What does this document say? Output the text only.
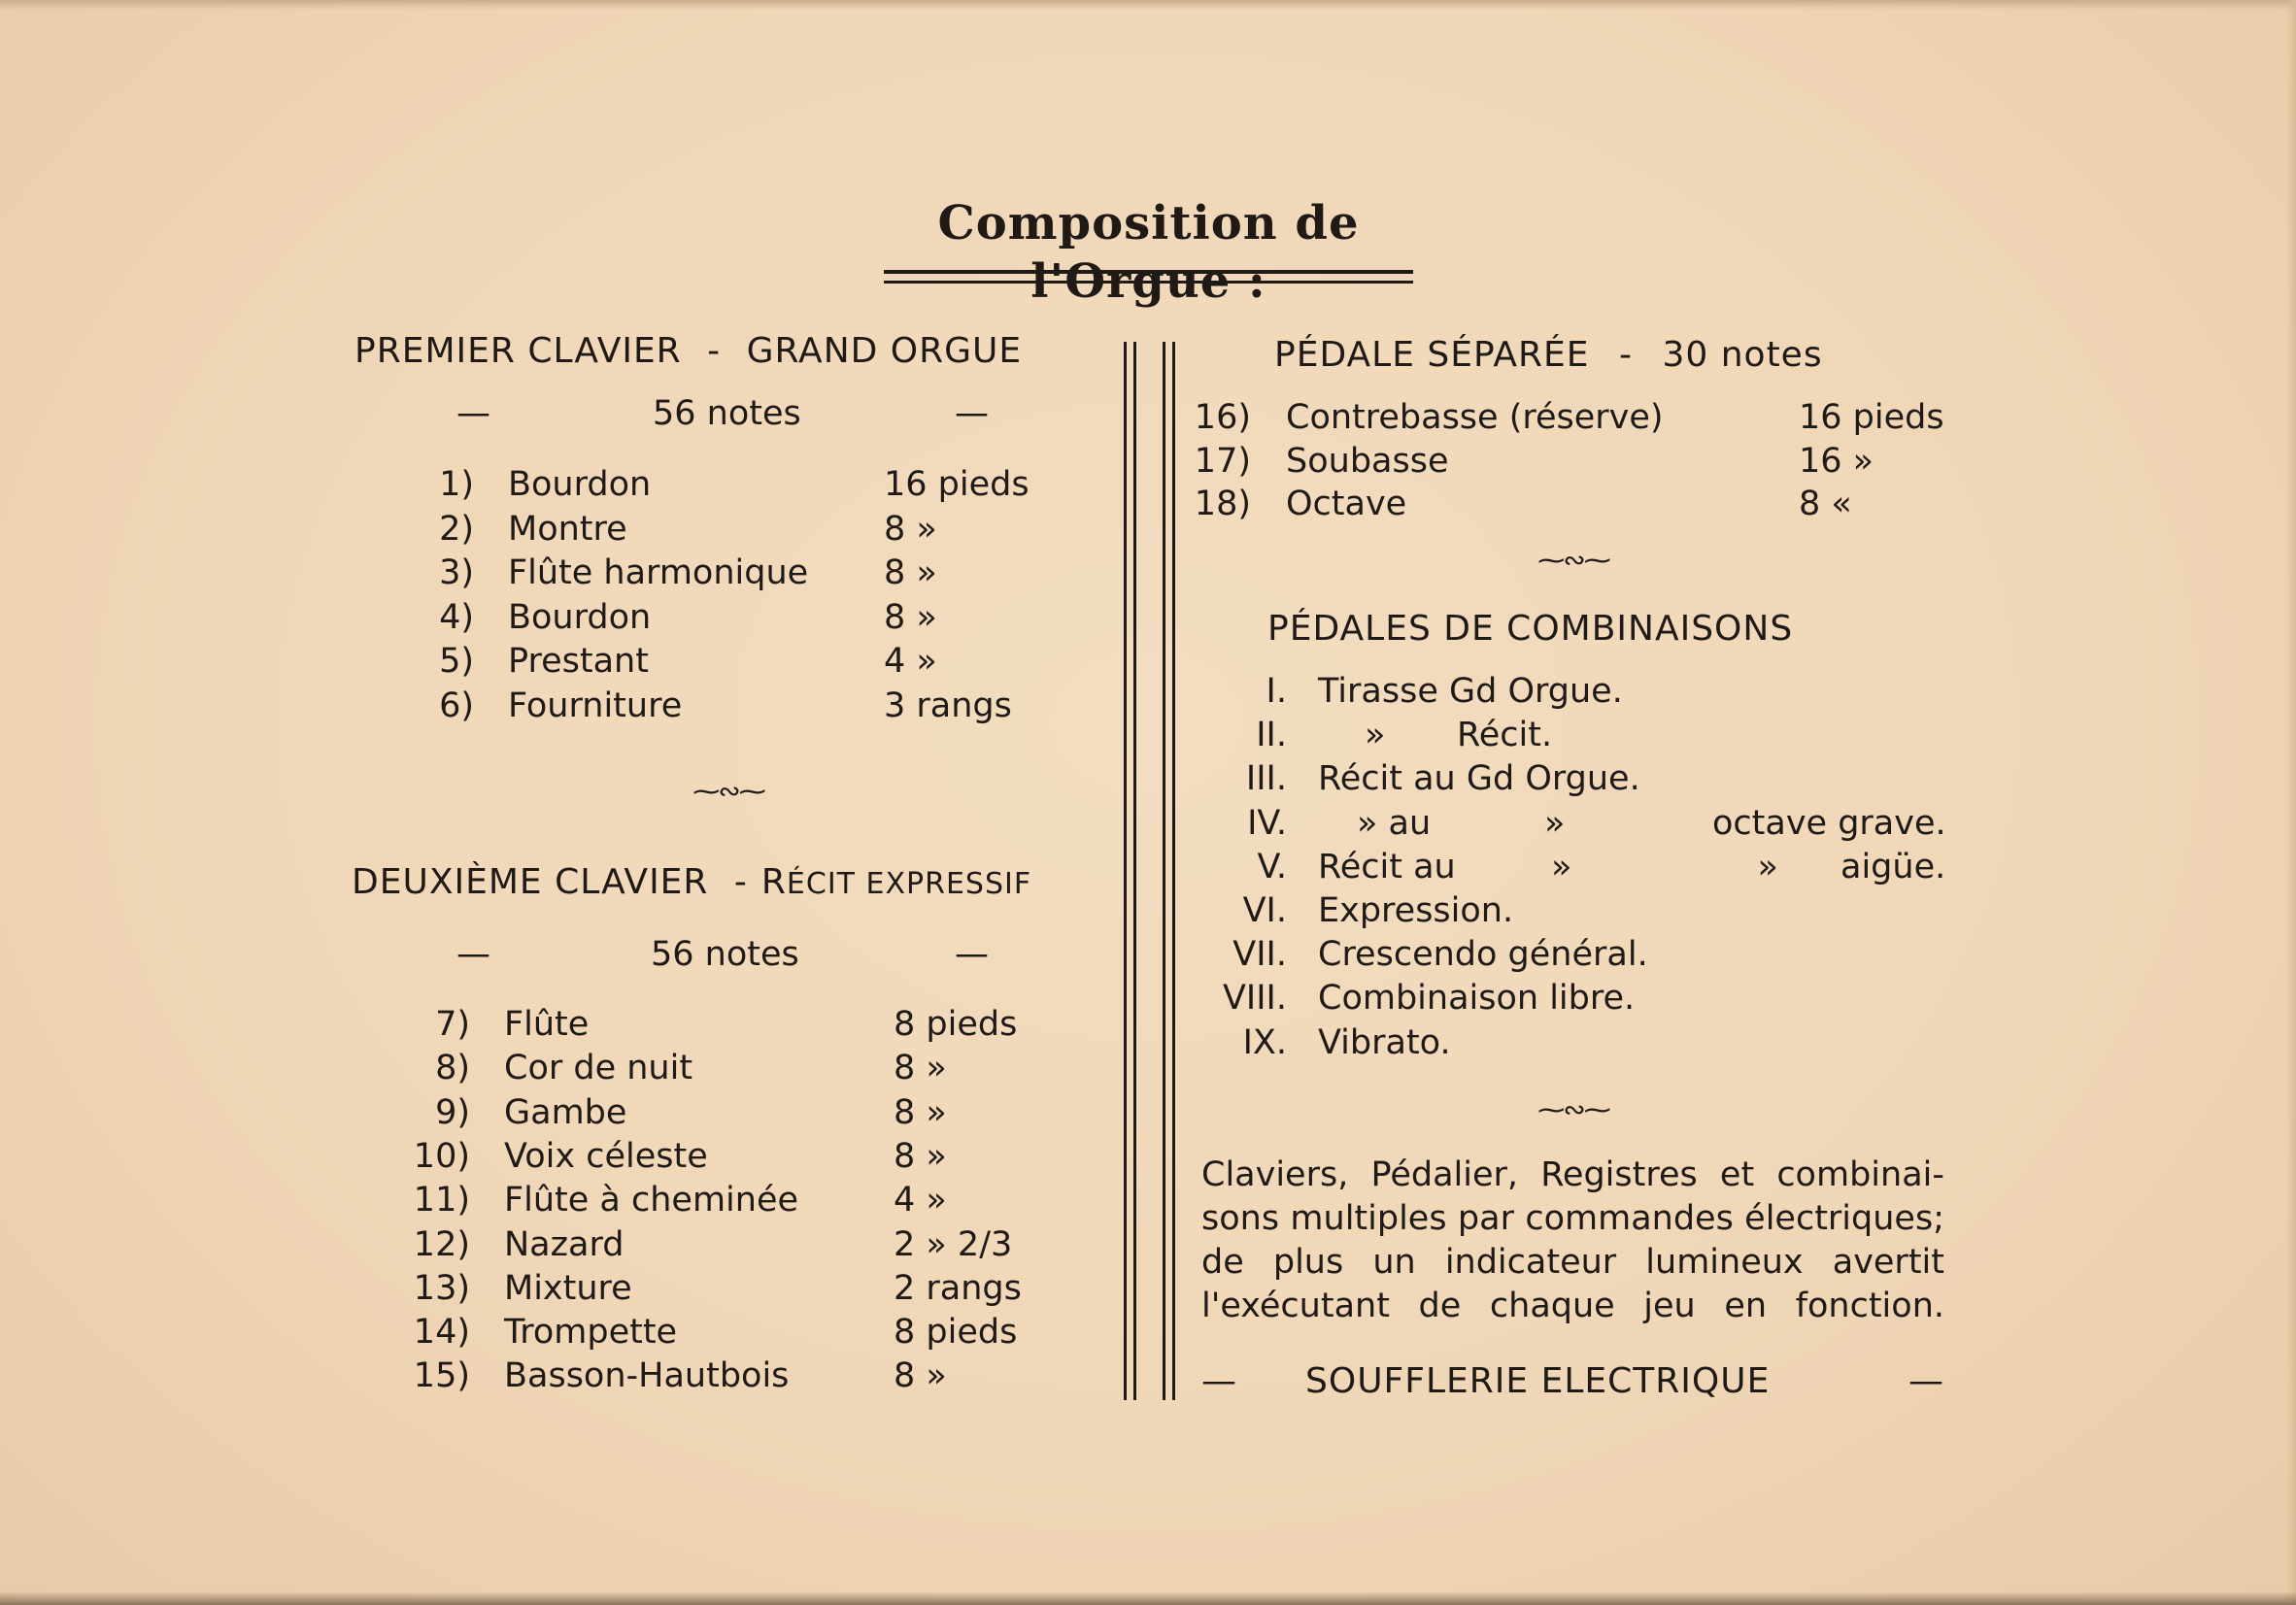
Composition de l'Orgue :
PREMIER CLAVIER - GRAND ORGUE
—	56 notes	—
1) Bourdon	16 pieds
2) Montre	8 »
3) Flûte harmonique 8 »
4) Bourdon	8 »
5) Prestant	4 »
6) Fourniture	3 rangs
⁓∾⁓
DEUXIÈME CLAVIER - RÉCIT EXPRESSIF
—	56 notes	—
7) Flûte	8 pieds
8) Cor de nuit	8 »
9) Gambe	8 »
10) Voix céleste	8 »
11) Flûte à cheminée	4 »
12) Nazard	2 » 2/3
13) Mixture	2 rangs
14) Trompette	8 pieds
15) Basson-Hautbois	8 »
PÉDALE SÉPARÉE - 30 notes
16) Contrebasse (réserve)	16 pieds
17) Soubasse	16 »
18) Octave	8 «
⁓∾⁓
PÉDALES DE COMBINAISONS
I. Tirasse Gd Orgue.
II. » Récit.
III. Récit au Gd Orgue.
IV. » au	»	octave grave.
V. Récit au	» » aigüe.
VI. Expression.
VII. Crescendo général.
VIII. Combinaison libre.
IX. Vibrato.
⁓∾⁓
Claviers, Pédalier, Registres et combinai-
sons multiples par commandes électriques;
de plus un indicateur lumineux avertit
l'exécutant de chaque jeu en fonction.
— SOUFFLERIE ELECTRIQUE	—
